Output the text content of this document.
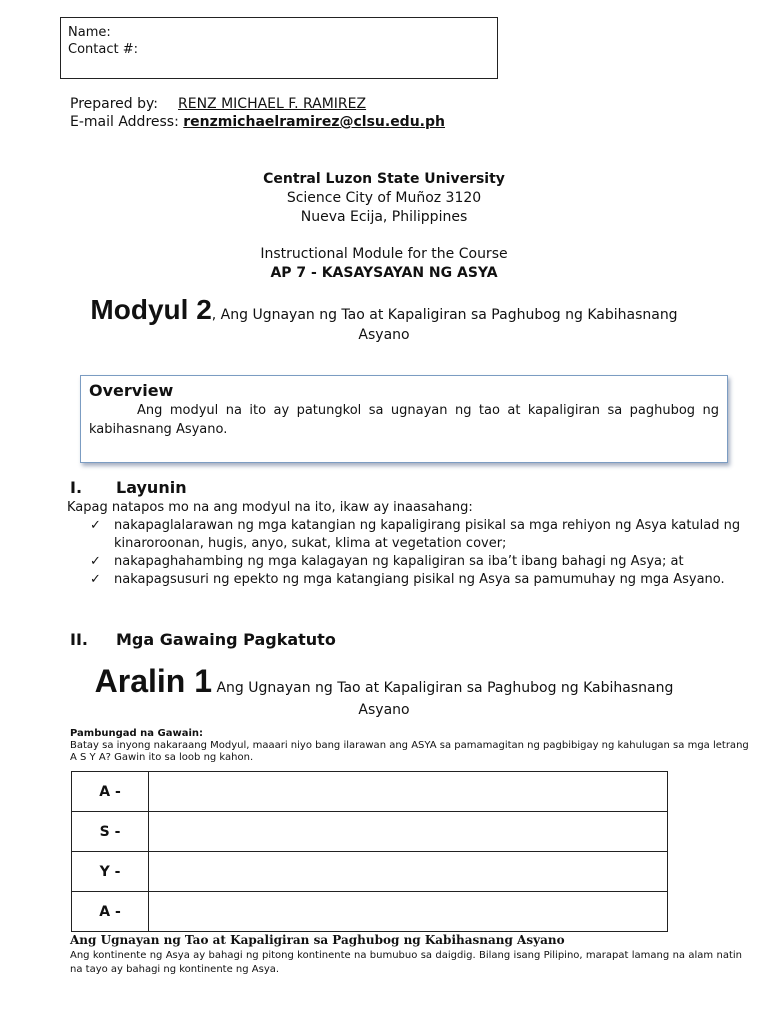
Name:
Contact #:
Prepared by: RENZ MICHAEL F. RAMIREZ
E-mail Address: renzmichaelramirez@clsu.edu.ph
Central Luzon State University
Science City of Muñoz 3120
Nueva Ecija, Philippines
Instructional Module for the Course
AP 7 - KASAYSAYAN NG ASYA
Modyul 2, Ang Ugnayan ng Tao at Kapaligiran sa Paghubog ng Kabihasnang
Asyano
Overview
Ang modyul na ito ay patungkol sa ugnayan ng tao at kapaligiran sa paghubog ng kabihasnang Asyano.
I. Layunin
Kapag natapos mo na ang modyul na ito, ikaw ay inaasahang:
✓ nakapaglalarawan ng mga katangian ng kapaligirang pisikal sa mga rehiyon ng Asya katulad ng kinaroroonan, hugis, anyo, sukat, klima at vegetation cover;
✓ nakapaghahambing ng mga kalagayan ng kapaligiran sa iba’t ibang bahagi ng Asya; at
✓ nakapagsusuri ng epekto ng mga katangiang pisikal ng Asya sa pamumuhay ng mga Asyano.
II. Mga Gawaing Pagkatuto
Aralin 1 Ang Ugnayan ng Tao at Kapaligiran sa Paghubog ng Kabihasnang
Asyano
Pambungad na Gawain:
Batay sa inyong nakaraang Modyul, maaari niyo bang ilarawan ang ASYA sa pamamagitan ng pagbibigay ng kahulugan sa mga letrang A S Y A? Gawin ito sa loob ng kahon.
A -	
S -	
Y -	
A -	
Ang Ugnayan ng Tao at Kapaligiran sa Paghubog ng Kabihasnang Asyano
Ang kontinente ng Asya ay bahagi ng pitong kontinente na bumubuo sa daigdig. Bilang isang Pilipino, marapat lamang na alam natin na tayo ay bahagi ng kontinente ng Asya.
